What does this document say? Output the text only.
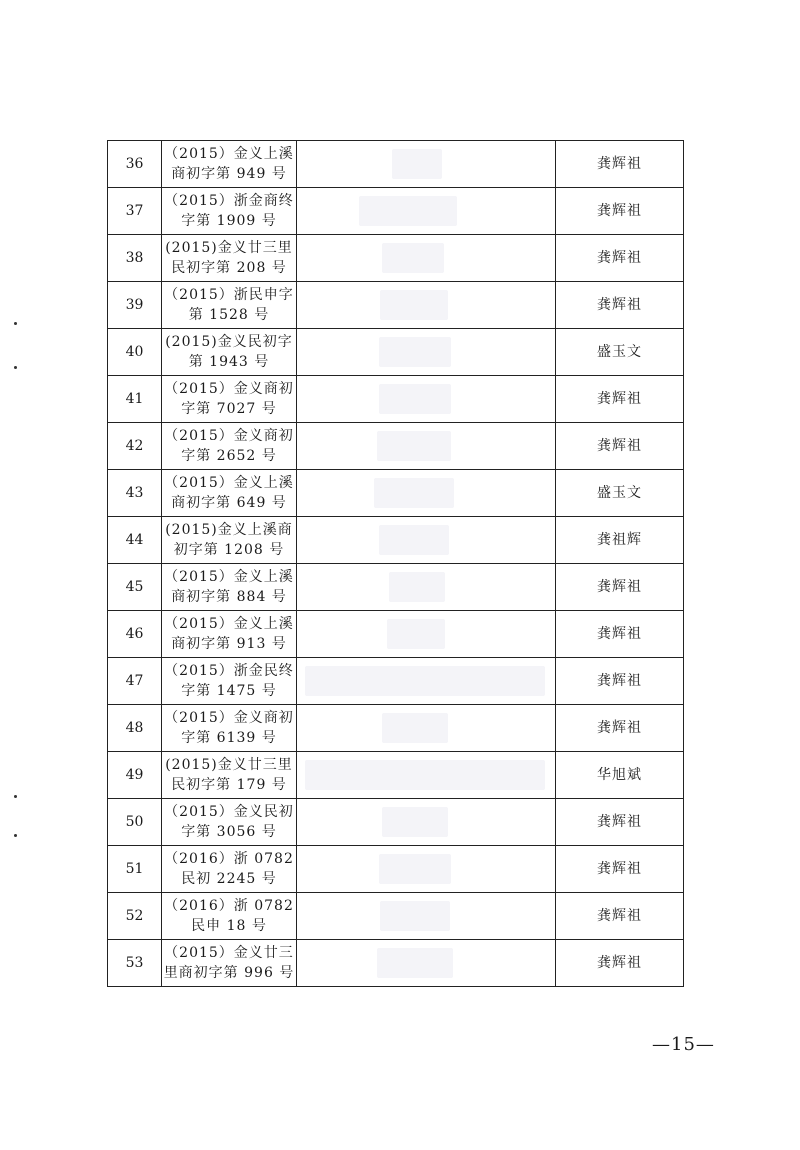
36	（2015）金义上溪商初字第 949 号		龚辉祖
37	（2015）浙金商终字第 1909 号		龚辉祖
38	(2015)金义廿三里民初字第 208 号		龚辉祖
39	（2015）浙民申字第 1528 号		龚辉祖
40	(2015)金义民初字第 1943 号		盛玉文
41	（2015）金义商初字第 7027 号		龚辉祖
42	（2015）金义商初字第 2652 号		龚辉祖
43	（2015）金义上溪商初字第 649 号		盛玉文
44	(2015)金义上溪商初字第 1208 号		龚祖辉
45	（2015）金义上溪商初字第 884 号		龚辉祖
46	（2015）金义上溪商初字第 913 号		龚辉祖
47	（2015）浙金民终字第 1475 号		龚辉祖
48	（2015）金义商初字第 6139 号		龚辉祖
49	(2015)金义廿三里民初字第 179 号		华旭斌
50	（2015）金义民初字第 3056 号		龚辉祖
51	（2016）浙 0782 民初 2245 号		龚辉祖
52	（2016）浙 0782 民申 18 号		龚辉祖
53	（2015）金义廿三里商初字第 996 号		龚辉祖
—15—
